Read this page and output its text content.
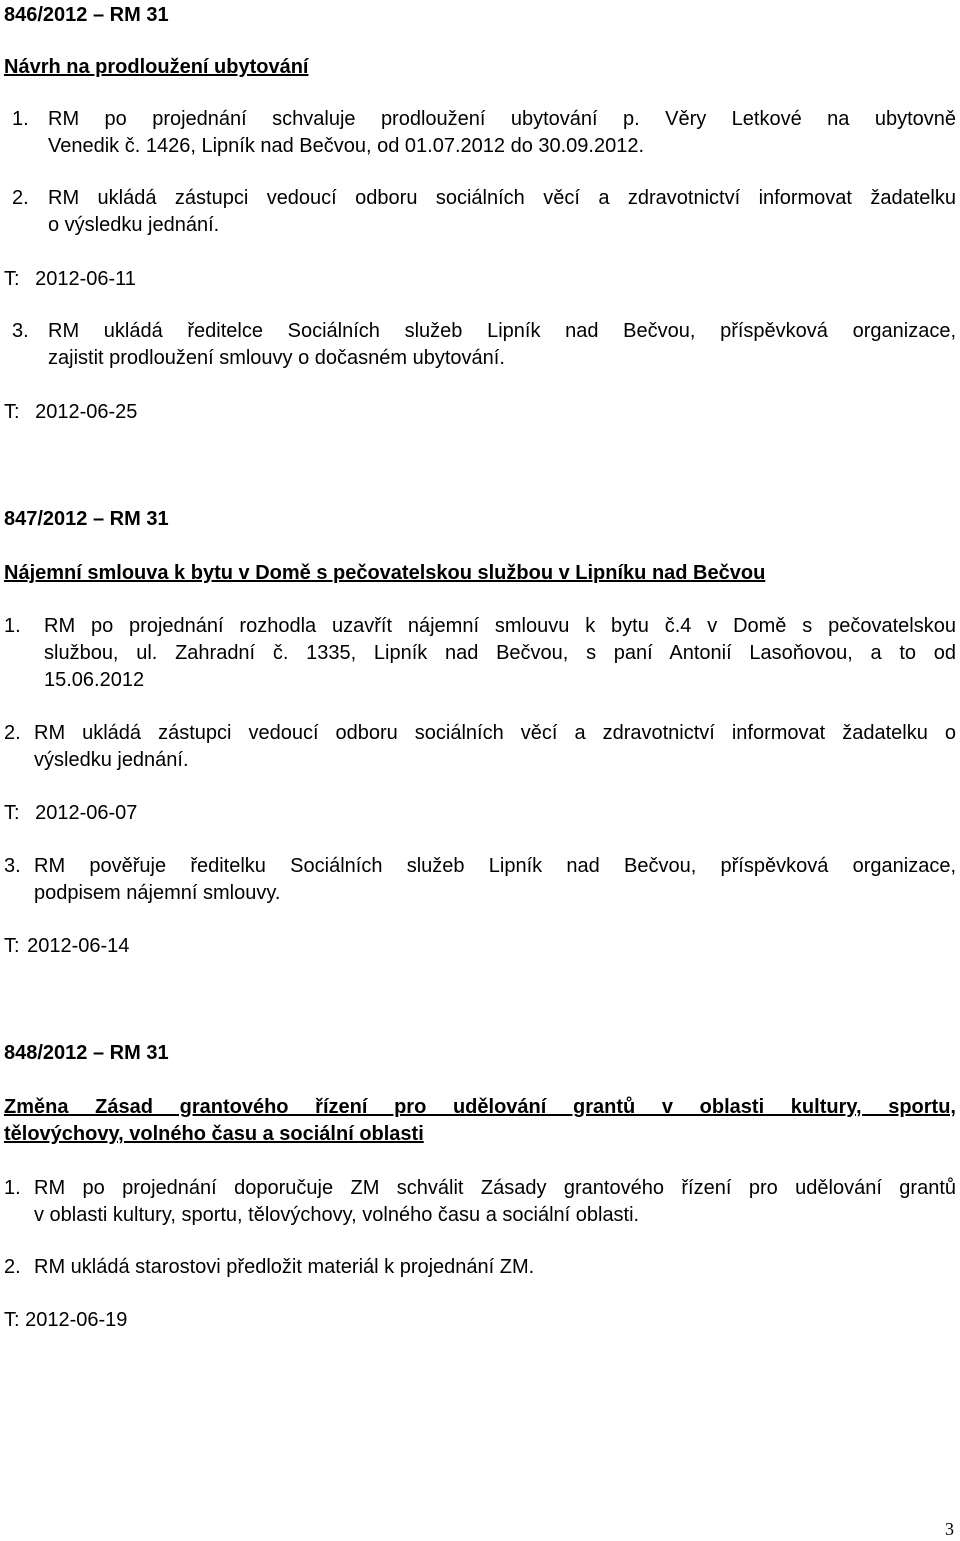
846/2012 – RM 31
Návrh na prodloužení ubytování
1. RM po projednání schvaluje prodloužení ubytování p. Věry Letkové na ubytovně
Venedik č. 1426, Lipník nad Bečvou, od 01.07.2012 do 30.09.2012.
2. RM ukládá zástupci vedoucí odboru sociálních věcí a zdravotnictví informovat žadatelku
o výsledku jednání.
T: 2012-06-11
3. RM ukládá ředitelce Sociálních služeb Lipník nad Bečvou, příspěvková organizace,
zajistit prodloužení smlouvy o dočasném ubytování.
T: 2012-06-25
847/2012 – RM 31
Nájemní smlouva k bytu v Domě s pečovatelskou službou v Lipníku nad Bečvou
1. RM po projednání rozhodla uzavřít nájemní smlouvu k bytu č.4 v Domě s pečovatelskou
službou, ul. Zahradní č. 1335, Lipník nad Bečvou, s paní Antonií Lasoňovou, a to od
15.06.2012
2. RM ukládá zástupci vedoucí odboru sociálních věcí a zdravotnictví informovat žadatelku o
výsledku jednání.
T: 2012-06-07
3. RM pověřuje ředitelku Sociálních služeb Lipník nad Bečvou, příspěvková organizace,
podpisem nájemní smlouvy.
T: 2012-06-14
848/2012 – RM 31
Změna Zásad grantového řízení pro udělování grantů v oblasti kultury, sportu,
tělovýchovy, volného času a sociální oblasti
1. RM po projednání doporučuje ZM schválit Zásady grantového řízení pro udělování grantů
v oblasti kultury, sportu, tělovýchovy, volného času a sociální oblasti.
2. RM ukládá starostovi předložit materiál k projednání ZM.
T: 2012-06-19
3
